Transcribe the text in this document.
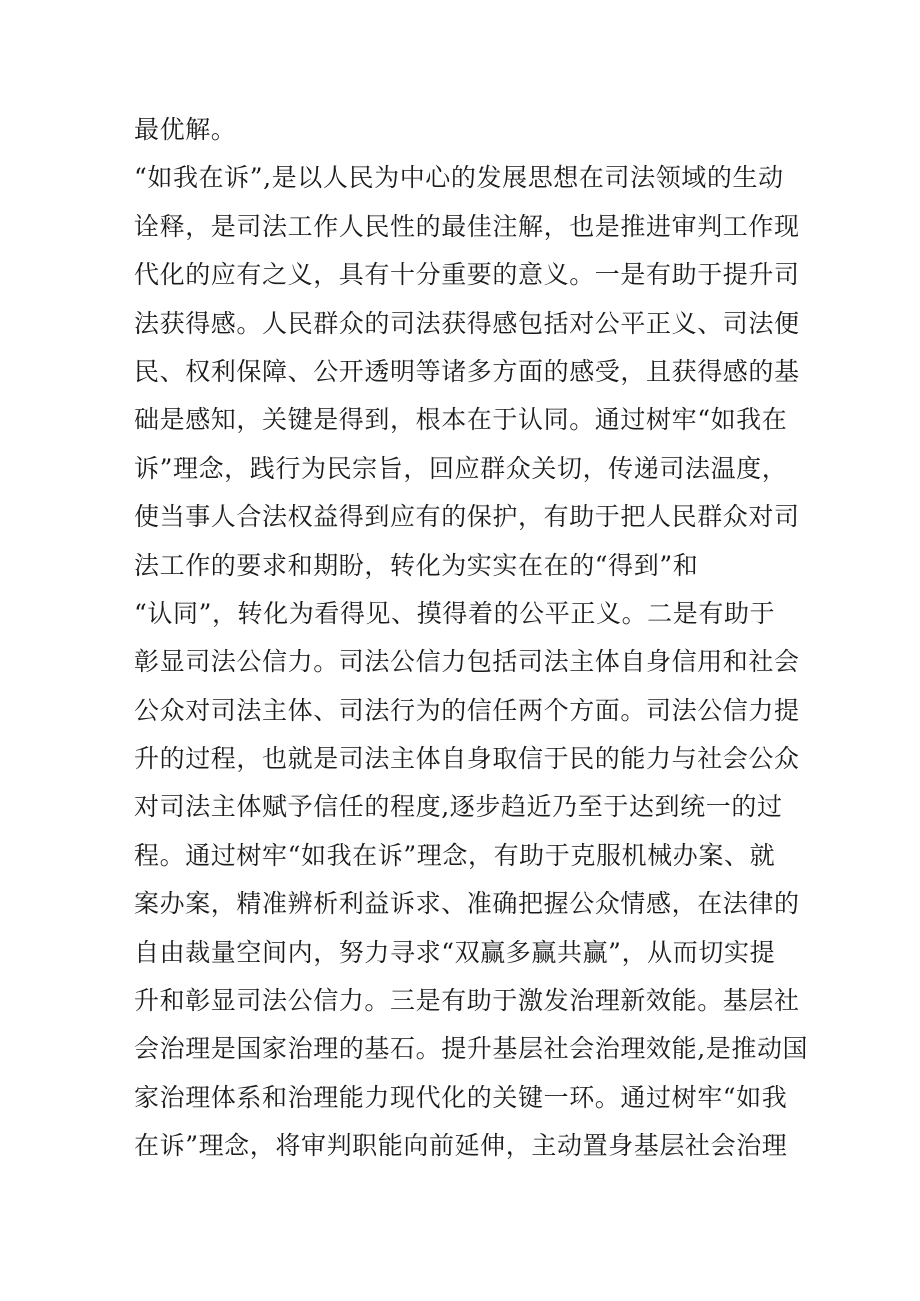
最优解。
“如我在诉”,是以人民为中心的发展思想在司法领域的生动
诠释，是司法工作人民性的最佳注解，也是推进审判工作现
代化的应有之义，具有十分重要的意义。一是有助于提升司
法获得感。人民群众的司法获得感包括对公平正义、司法便
民、权利保障、公开透明等诸多方面的感受，且获得感的基
础是感知，关键是得到，根本在于认同。通过树牢“如我在
诉”理念，践行为民宗旨，回应群众关切，传递司法温度，
使当事人合法权益得到应有的保护，有助于把人民群众对司
法工作的要求和期盼，转化为实实在在的“得到”和
“认同”，转化为看得见、摸得着的公平正义。二是有助于
彰显司法公信力。司法公信力包括司法主体自身信用和社会
公众对司法主体、司法行为的信任两个方面。司法公信力提
升的过程，也就是司法主体自身取信于民的能力与社会公众
对司法主体赋予信任的程度,逐步趋近乃至于达到统一的过
程。通过树牢“如我在诉”理念，有助于克服机械办案、就
案办案，精准辨析利益诉求、准确把握公众情感，在法律的
自由裁量空间内，努力寻求“双赢多赢共赢”，从而切实提
升和彰显司法公信力。三是有助于激发治理新效能。基层社
会治理是国家治理的基石。提升基层社会治理效能,是推动国
家治理体系和治理能力现代化的关键一环。通过树牢“如我
在诉”理念，将审判职能向前延伸，主动置身基层社会治理
